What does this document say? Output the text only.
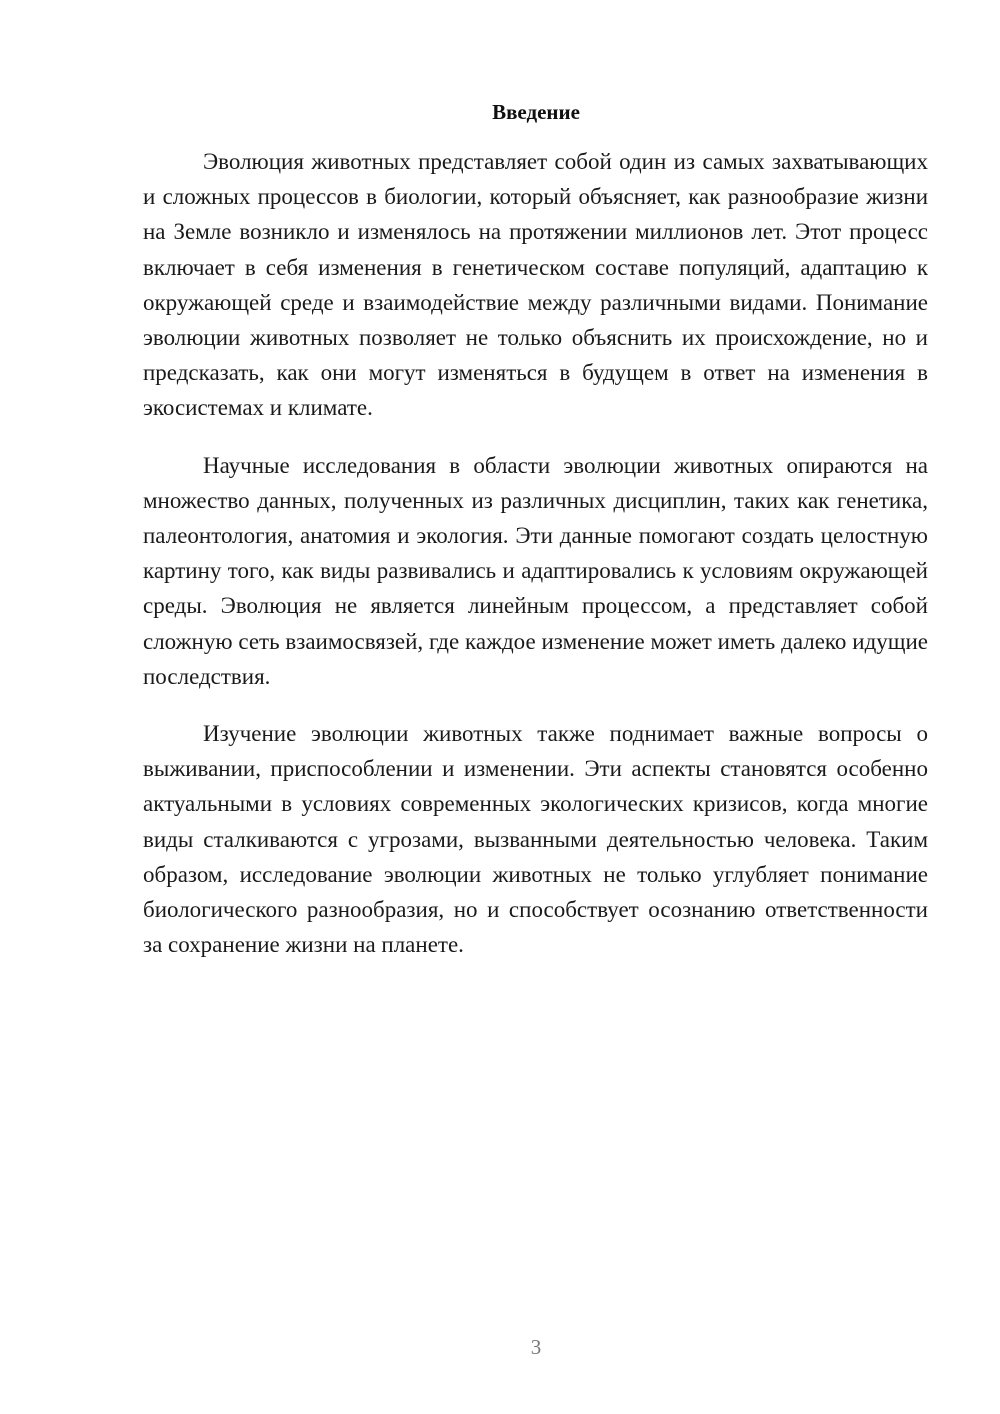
Введение

Эволюция животных представляет собой один из самых захватывающих и сложных процессов в биологии, который объясняет, как разнообразие жизни на Земле возникло и изменялось на протяжении миллионов лет. Этот процесс включает в себя изменения в генетическом составе популяций, адаптацию к окружающей среде и взаимодействие между различными видами. Понимание эволюции животных позволяет не только объяснить их происхождение, но и предсказать, как они могут изменяться в будущем в ответ на изменения в экосистемах и климате.

Научные исследования в области эволюции животных опираются на множество данных, полученных из различных дисциплин, таких как генетика, палеонтология, анатомия и экология. Эти данные помогают создать целостную картину того, как виды развивались и адаптировались к условиям окружающей среды. Эволюция не является линейным процессом, а представляет собой сложную сеть взаимосвязей, где каждое изменение может иметь далеко идущие последствия.

Изучение эволюции животных также поднимает важные вопросы о выживании, приспособлении и изменении. Эти аспекты становятся особенно актуальными в условиях современных экологических кризисов, когда многие виды сталкиваются с угрозами, вызванными деятельностью человека. Таким образом, исследование эволюции животных не только углубляет понимание биологического разнообразия, но и способствует осознанию ответственности за сохранение жизни на планете.

3
